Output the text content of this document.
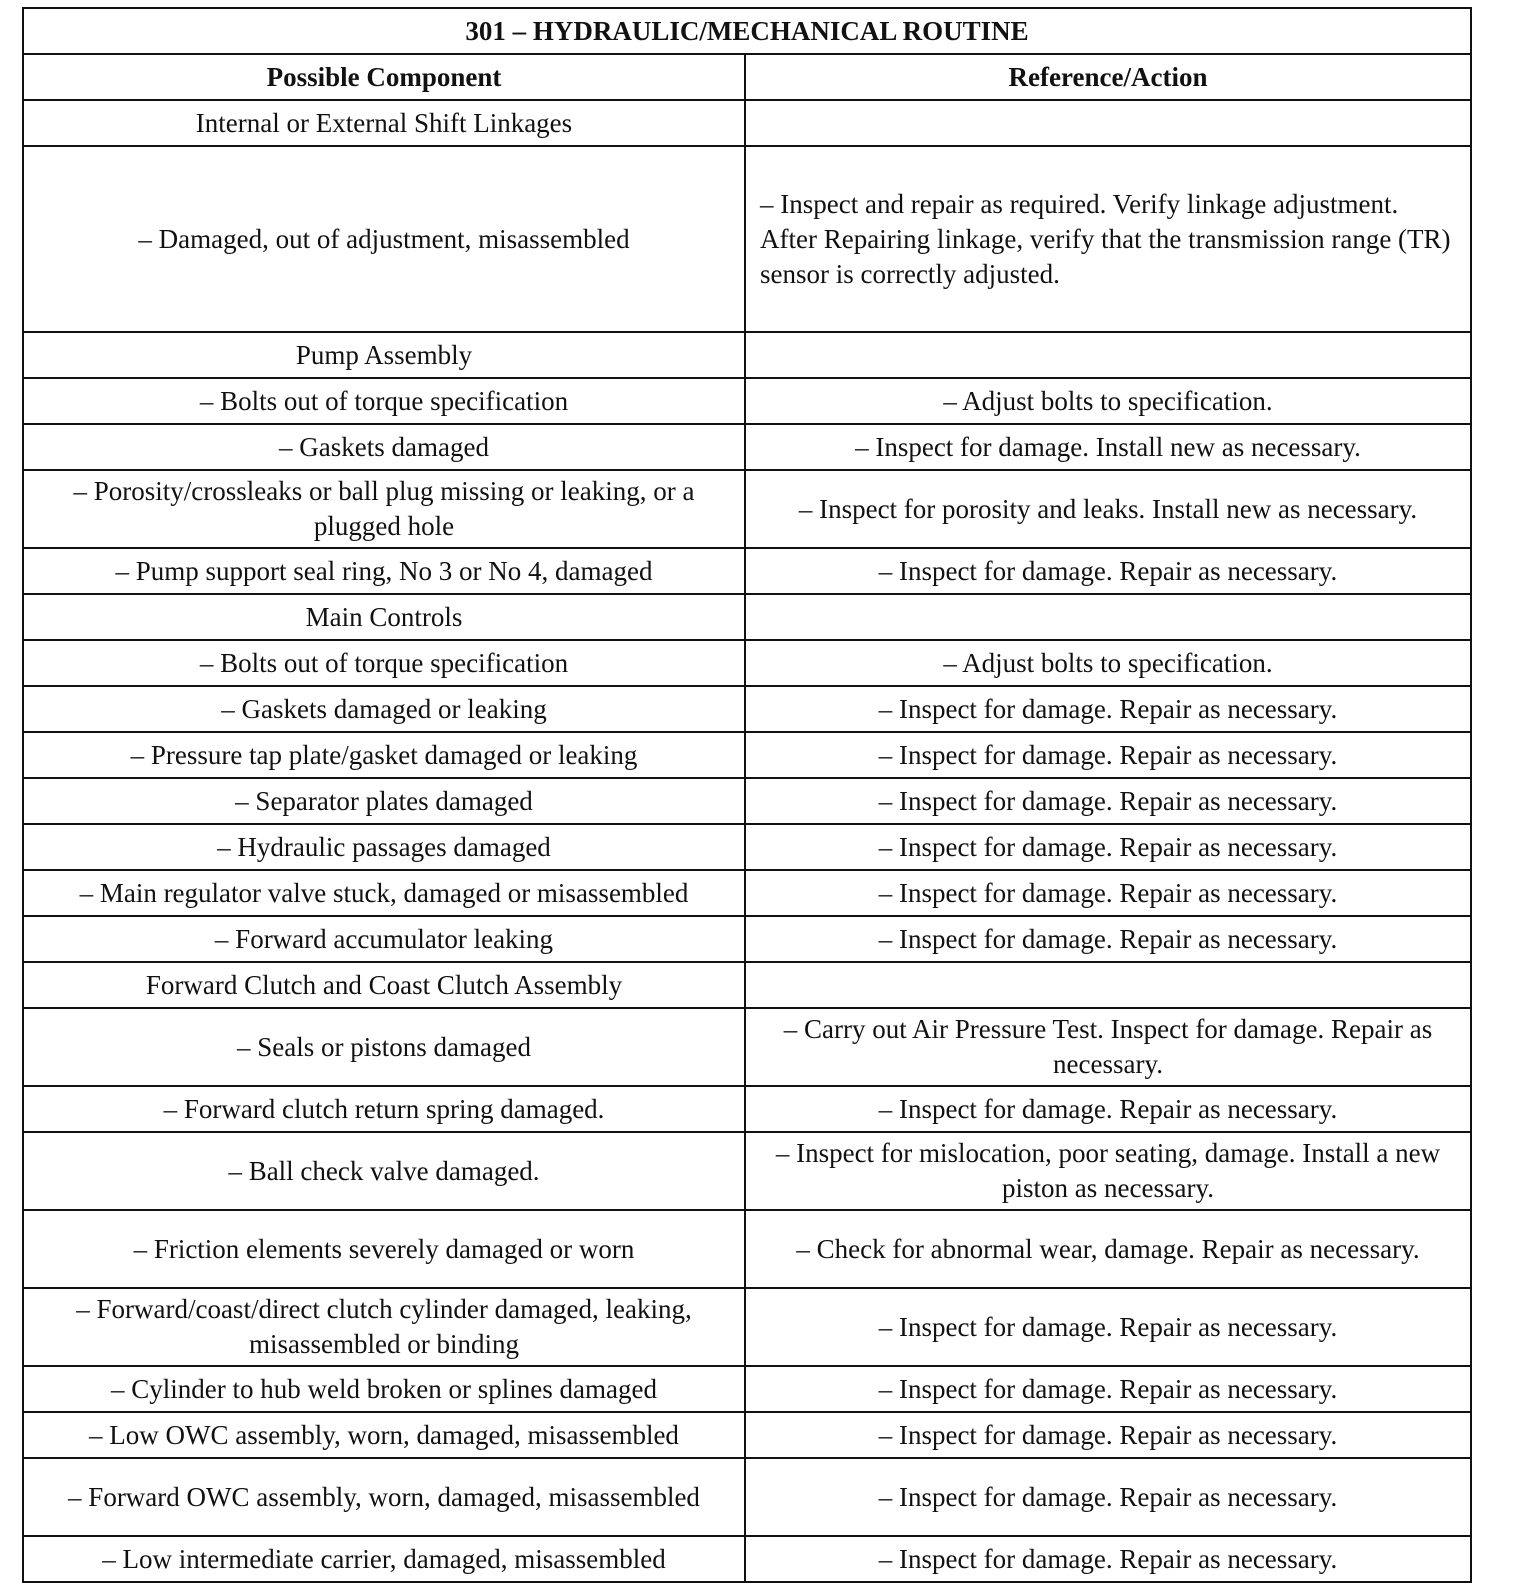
301 – HYDRAULIC/MECHANICAL ROUTINE	
Possible Component	Reference/Action
Internal or External Shift Linkages	
– Damaged, out of adjustment, misassembled	– Inspect and repair as required. Verify linkage adjustment. After Repairing linkage, verify that the transmission range (TR) sensor is correctly adjusted.
Pump Assembly	
– Bolts out of torque specification	– Adjust bolts to specification.
– Gaskets damaged	– Inspect for damage. Install new as necessary.
– Porosity/crossleaks or ball plug missing or leaking, or a plugged hole	– Inspect for porosity and leaks. Install new as necessary.
– Pump support seal ring, No 3 or No 4, damaged	– Inspect for damage. Repair as necessary.
Main Controls	
– Bolts out of torque specification	– Adjust bolts to specification.
– Gaskets damaged or leaking	– Inspect for damage. Repair as necessary.
– Pressure tap plate/gasket damaged or leaking	– Inspect for damage. Repair as necessary.
– Separator plates damaged	– Inspect for damage. Repair as necessary.
– Hydraulic passages damaged	– Inspect for damage. Repair as necessary.
– Main regulator valve stuck, damaged or misassembled	– Inspect for damage. Repair as necessary.
– Forward accumulator leaking	– Inspect for damage. Repair as necessary.
Forward Clutch and Coast Clutch Assembly	
– Seals or pistons damaged	– Carry out Air Pressure Test. Inspect for damage. Repair as necessary.
– Forward clutch return spring damaged.	– Inspect for damage. Repair as necessary.
– Ball check valve damaged.	– Inspect for mislocation, poor seating, damage. Install a new piston as necessary.
– Friction elements severely damaged or worn	– Check for abnormal wear, damage. Repair as necessary.
– Forward/coast/direct clutch cylinder damaged, leaking, misassembled or binding	– Inspect for damage. Repair as necessary.
– Cylinder to hub weld broken or splines damaged	– Inspect for damage. Repair as necessary.
– Low OWC assembly, worn, damaged, misassembled	– Inspect for damage. Repair as necessary.
– Forward OWC assembly, worn, damaged, misassembled	– Inspect for damage. Repair as necessary.
– Low intermediate carrier, damaged, misassembled	– Inspect for damage. Repair as necessary.
